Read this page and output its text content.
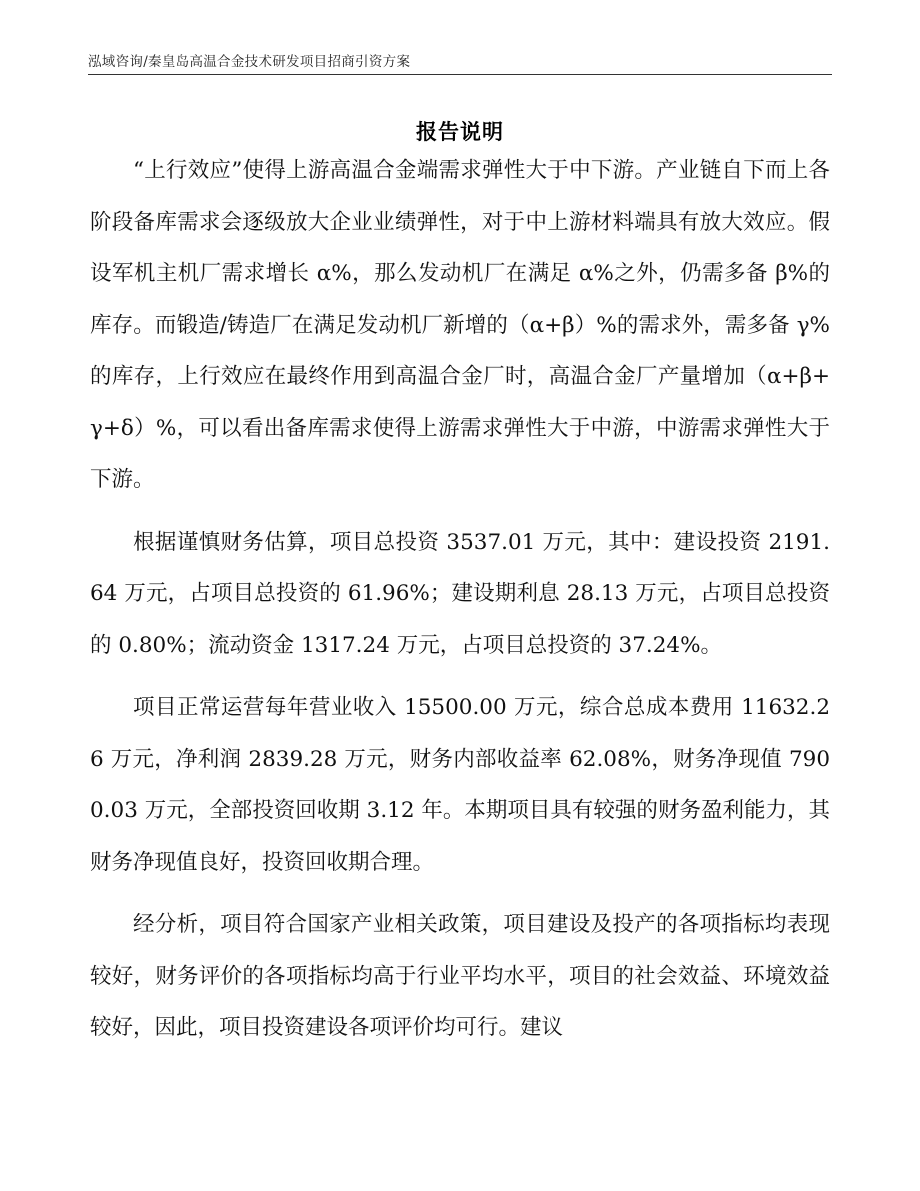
泓域咨询/秦皇岛高温合金技术研发项目招商引资方案
报告说明

“上行效应”使得上游高温合金端需求弹性大于中下游。产业链自下而上各阶段备库需求会逐级放大企业业绩弹性，对于中上游材料端具有放大效应。假设军机主机厂需求增长 α%，那么发动机厂在满足 α%之外，仍需多备 β%的库存。而锻造/铸造厂在满足发动机厂新增的（α+β）%的需求外，需多备 γ%的库存，上行效应在最终作用到高温合金厂时，高温合金厂产量增加（α+β+γ+δ）%，可以看出备库需求使得上游需求弹性大于中游，中游需求弹性大于下游。

根据谨慎财务估算，项目总投资 3537.01 万元，其中：建设投资 2191.64 万元，占项目总投资的 61.96%；建设期利息 28.13 万元，占项目总投资的 0.80%；流动资金 1317.24 万元，占项目总投资的 37.24%。

项目正常运营每年营业收入 15500.00 万元，综合总成本费用 11632.26 万元，净利润 2839.28 万元，财务内部收益率 62.08%，财务净现值 7900.03 万元，全部投资回收期 3.12 年。本期项目具有较强的财务盈利能力，其财务净现值良好，投资回收期合理。

经分析，项目符合国家产业相关政策，项目建设及投产的各项指标均表现较好，财务评价的各项指标均高于行业平均水平，项目的社会效益、环境效益较好，因此，项目投资建设各项评价均可行。建议
